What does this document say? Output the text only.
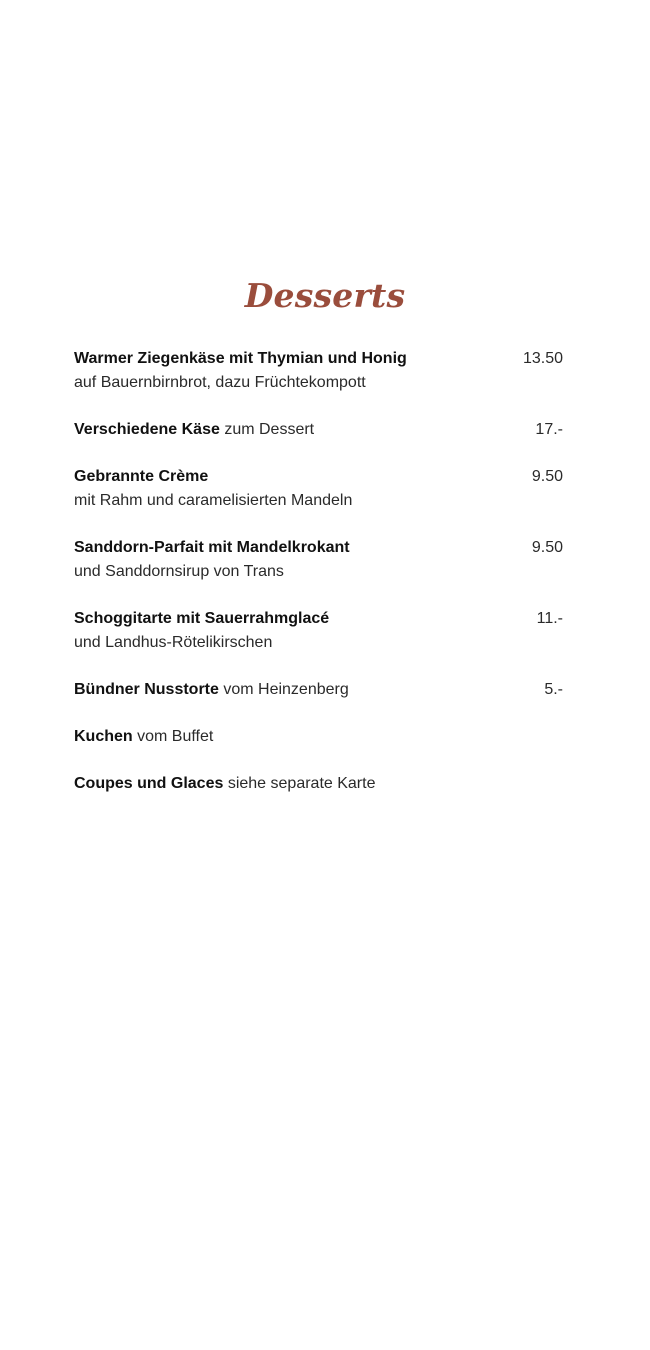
Desserts
Warmer Ziegenkäse mit Thymian und Honig
auf Bauernbirnbrot, dazu Früchtekompott
13.50
Verschiedene Käse zum Dessert	17.-
Gebrannte Crème
mit Rahm und caramelisierten Mandeln
9.50
Sanddorn-Parfait mit Mandelkrokant
und Sanddornsirup von Trans
9.50
Schoggitarte mit Sauerrahmglacé
und Landhus-Rötelikirschen
11.-
Bündner Nusstorte vom Heinzenberg	5.-
Kuchen vom Buffet
Coupes und Glaces siehe separate Karte
